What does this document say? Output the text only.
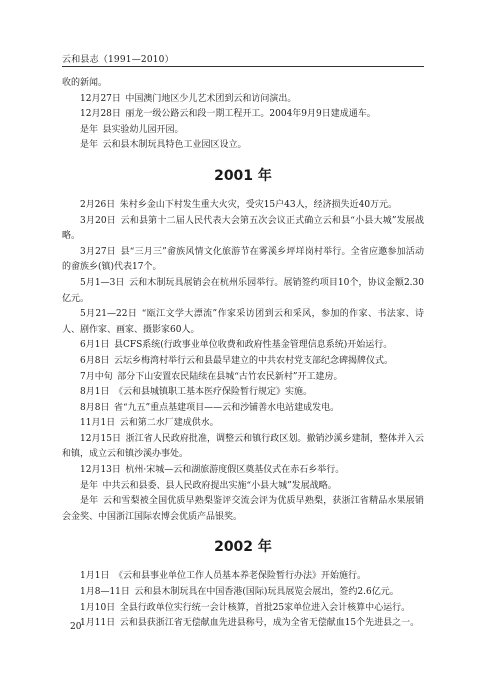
云和县志（1991—2010）

收的新闻。

12月27日  中国澳门地区少儿艺术团到云和访问演出。

12月28日  丽龙一级公路云和段一期工程开工。2004年9月9日建成通车。

是年  县实验幼儿园开园。

是年  云和县木制玩具特色工业园区设立。

2001 年

2月26日  朱村乡金山下村发生重大火灾，受灾15户43人，经济损失近40万元。

3月20日  云和县第十二届人民代表大会第五次会议正式确立云和县“小县大城”发展战略。

3月27日  县“三月三”畲族风情文化旅游节在雾溪乡坪垟岗村举行。全省应邀参加活动的畲族乡(镇)代表17个。

5月1—3日  云和木制玩具展销会在杭州乐园举行。展销签约项目10个，协议金额2.30亿元。

5月21—22日  “瓯江文学大漂流”作家采访团到云和采风，参加的作家、书法家、诗人、剧作家、画家、摄影家60人。

6月1日  县CFS系统(行政事业单位收费和政府性基金管理信息系统)开始运行。

6月8日  云坛乡梅湾村举行云和县最早建立的中共农村党支部纪念碑揭牌仪式。

7月中旬  部分下山安置农民陆续在县城“古竹农民新村”开工建房。

8月1日  《云和县城镇职工基本医疗保险暂行规定》实施。

8月8日  省“九五”重点基建项目——云和沙铺善水电站建成发电。

11月1日  云和第二水厂建成供水。

12月15日  浙江省人民政府批准，调整云和镇行政区划。撤销沙溪乡建制，整体并入云和镇，成立云和镇沙溪办事处。

12月13日  杭州·宋城—云和湖旅游度假区奠基仪式在赤石乡举行。

是年  中共云和县委、县人民政府提出实施“小县大城”发展战略。

是年  云和雪梨被全国优质早熟梨鉴评交流会评为优质早熟梨，获浙江省精品水果展销会金奖、中国浙江国际农博会优质产品银奖。

2002 年

1月1日  《云和县事业单位工作人员基本养老保险暂行办法》开始施行。

1月8—11日  云和县木制玩具在中国香港(国际)玩具展览会展出，签约2.6亿元。

1月10日  全县行政单位实行统一会计核算，首批25家单位进入会计核算中心运行。

1月11日  云和县获浙江省无偿献血先进县称号，成为全省无偿献血15个先进县之一。

20
